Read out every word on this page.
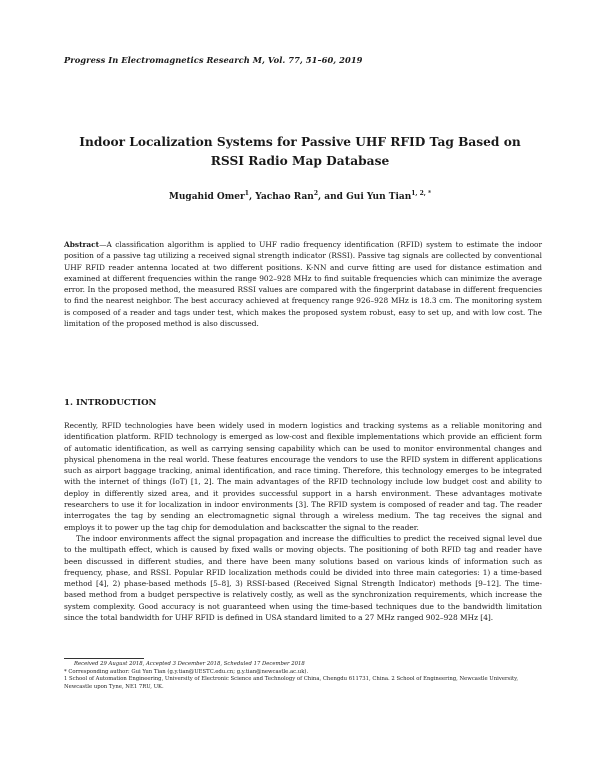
Progress In Electromagnetics Research M, Vol. 77, 51–60, 2019
Indoor Localization Systems for Passive UHF RFID Tag Based on
RSSI Radio Map Database
Mugahid Omer$^1$, Yachao Ran$^2$, and Gui Yun Tian$^{1, 2, *}$
Abstract—A classification algorithm is applied to UHF radio frequency identification (RFID) system to estimate the indoor position of a passive tag utilizing a received signal strength indicator (RSSI). Passive tag signals are collected by conventional UHF RFID reader antenna located at two different positions. K-NN and curve fitting are used for distance estimation and examined at different frequencies within the range 902–928 MHz to find suitable frequencies which can minimize the average error. In the proposed method, the measured RSSI values are compared with the fingerprint database in different frequencies to find the nearest neighbor. The best accuracy achieved at frequency range 926–928 MHz is 18.3 cm. The monitoring system is composed of a reader and tags under test, which makes the proposed system robust, easy to set up, and with low cost. The limitation of the proposed method is also discussed.
1. INTRODUCTION

Recently, RFID technologies have been widely used in modern logistics and tracking systems as a reliable monitoring and identification platform. RFID technology is emerged as low-cost and flexible implementations which provide an efficient form of automatic identification, as well as carrying sensing capability which can be used to monitor environmental changes and physical phenomena in the real world. These features encourage the vendors to use the RFID system in different applications such as airport baggage tracking, animal identification, and race timing. Therefore, this technology emerges to be integrated with the internet of things (IoT) [1, 2]. The main advantages of the RFID technology include low budget cost and ability to deploy in differently sized area, and it provides successful support in a harsh environment. These advantages motivate researchers to use it for localization in indoor environments [3]. The RFID system is composed of reader and tag. The reader interrogates the tag by sending an electromagnetic signal through a wireless medium. The tag receives the signal and employs it to power up the tag chip for demodulation and backscatter the signal to the reader.

The indoor environments affect the signal propagation and increase the difficulties to predict the received signal level due to the multipath effect, which is caused by fixed walls or moving objects. The positioning of both RFID tag and reader have been discussed in different studies, and there have been many solutions based on various kinds of information such as frequency, phase, and RSSI. Popular RFID localization methods could be divided into three main categories: 1) a time-based method [4], 2) phase-based methods [5–8], 3) RSSI-based (Received Signal Strength Indicator) methods [9–12]. The time-based method from a budget perspective is relatively costly, as well as the synchronization requirements, which increase the system complexity. Good accuracy is not guaranteed when using the time-based techniques due to the bandwidth limitation since the total bandwidth for UHF RFID is defined in USA standard limited to a 27 MHz ranged 902–928 MHz [4].

Received 29 August 2018, Accepted 3 December 2018, Scheduled 17 December 2018
* Corresponding author: Gui Yun Tian (g.y.tian@UESTC.edu.cn; g.y.tian@newcastle.ac.uk).
1 School of Automation Engineering, University of Electronic Science and Technology of China, Chengdu 611731, China. 2 School of Engineering, Newcastle University, Newcastle upon Tyne, NE1 7RU, UK.
